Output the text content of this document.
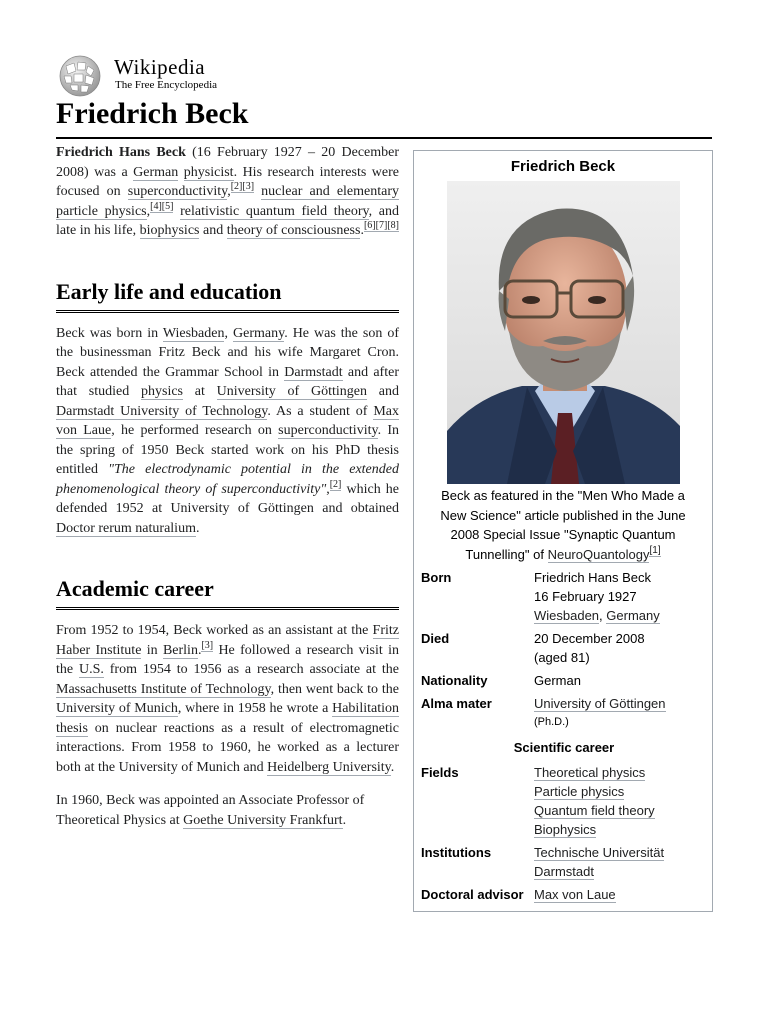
Wikipedia
The Free Encyclopedia
Friedrich Beck

Friedrich Hans Beck (16 February 1927 – 20 December 2008) was a German physicist. His research interests were focused on superconductivity,[2][3] nuclear and elementary particle physics,[4][5] relativistic quantum field theory, and late in his life, biophysics and theory of consciousness.[6][7][8]

Early life and education

Beck was born in Wiesbaden, Germany. He was the son of the businessman Fritz Beck and his wife Margaret Cron. Beck attended the Grammar School in Darmstadt and after that studied physics at University of Göttingen and Darmstadt University of Technology. As a student of Max von Laue, he performed research on superconductivity. In the spring of 1950 Beck started work on his PhD thesis entitled "The electrodynamic potential in the extended phenomenological theory of superconductivity",[2] which he defended 1952 at University of Göttingen and obtained Doctor rerum naturalium.

Academic career

From 1952 to 1954, Beck worked as an assistant at the Fritz Haber Institute in Berlin.[3] He followed a research visit in the U.S. from 1954 to 1956 as a research associate at the Massachusetts Institute of Technology, then went back to the University of Munich, where in 1958 he wrote a Habilitation thesis on nuclear reactions as a result of electromagnetic interactions. From 1958 to 1960, he worked as a lecturer both at the University of Munich and Heidelberg University.

In 1960, Beck was appointed an Associate Professor of Theoretical Physics at Goethe University Frankfurt.

Friedrich Beck
Beck as featured in the "Men Who Made a New Science" article published in the June 2008 Special Issue "Synaptic Quantum Tunnelling" of NeuroQuantology[1]
Born	Friedrich Hans Beck
16 February 1927
Wiesbaden, Germany

Died	20 December 2008
(aged 81)

Nationality	German
Alma mater	University of Göttingen
(Ph.D.)

Scientific career	
Fields	Theoretical physics
Particle physics
Quantum field theory
Biophysics

Institutions	Technische Universität Darmstadt
Doctoral advisor	Max von Laue
